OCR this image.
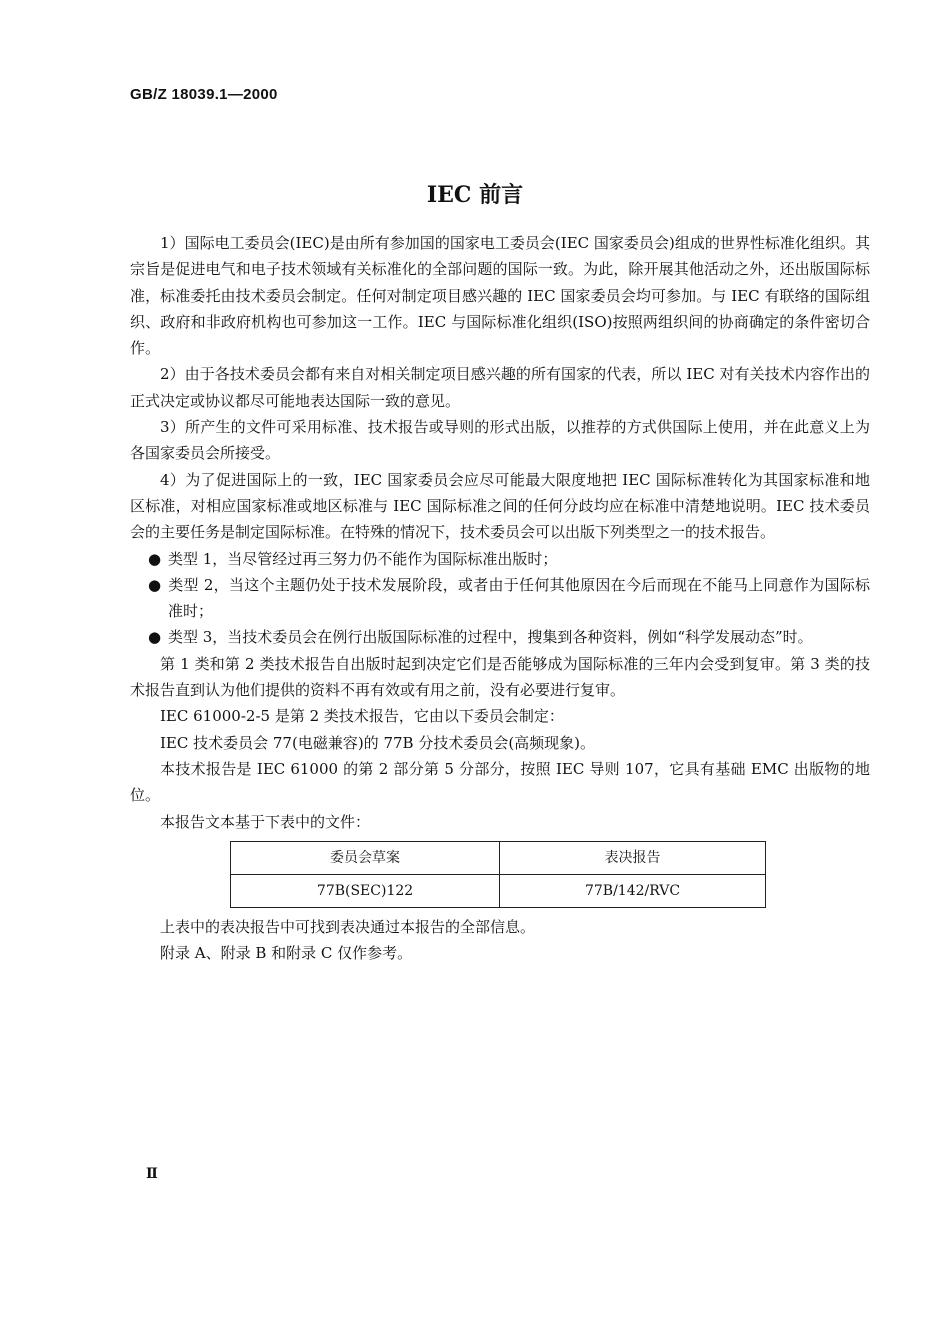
GB/Z 18039.1—2000
IEC 前言

1）国际电工委员会(IEC)是由所有参加国的国家电工委员会(IEC 国家委员会)组成的世界性标准化组织。其宗旨是促进电气和电子技术领域有关标准化的全部问题的国际一致。为此，除开展其他活动之外，还出版国际标准，标准委托由技术委员会制定。任何对制定项目感兴趣的 IEC 国家委员会均可参加。与 IEC 有联络的国际组织、政府和非政府机构也可参加这一工作。IEC 与国际标准化组织(ISO)按照两组织间的协商确定的条件密切合作。

2）由于各技术委员会都有来自对相关制定项目感兴趣的所有国家的代表，所以 IEC 对有关技术内容作出的正式决定或协议都尽可能地表达国际一致的意见。

3）所产生的文件可采用标准、技术报告或导则的形式出版，以推荐的方式供国际上使用，并在此意义上为各国家委员会所接受。

4）为了促进国际上的一致，IEC 国家委员会应尽可能最大限度地把 IEC 国际标准转化为其国家标准和地区标准，对相应国家标准或地区标准与 IEC 国际标准之间的任何分歧均应在标准中清楚地说明。IEC 技术委员会的主要任务是制定国际标准。在特殊的情况下，技术委员会可以出版下列类型之一的技术报告。

● 类型 1，当尽管经过再三努力仍不能作为国际标准出版时；

● 类型 2，当这个主题仍处于技术发展阶段，或者由于任何其他原因在今后而现在不能马上同意作为国际标准时；

● 类型 3，当技术委员会在例行出版国际标准的过程中，搜集到各种资料，例如“科学发展动态”时。

第 1 类和第 2 类技术报告自出版时起到决定它们是否能够成为国际标准的三年内会受到复审。第 3 类的技术报告直到认为他们提供的资料不再有效或有用之前，没有必要进行复审。

IEC 61000-2-5 是第 2 类技术报告，它由以下委员会制定：

IEC 技术委员会 77(电磁兼容)的 77B 分技术委员会(高频现象)。

本技术报告是 IEC 61000 的第 2 部分第 5 分部分，按照 IEC 导则 107，它具有基础 EMC 出版物的地位。

本报告文本基于下表中的文件：

委员会草案	表决报告
77B(SEC)122	77B/142/RVC

上表中的表决报告中可找到表决通过本报告的全部信息。

附录 A、附录 B 和附录 C 仅作参考。

Ⅱ
